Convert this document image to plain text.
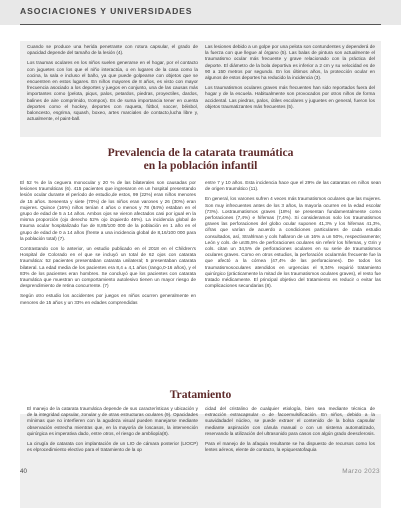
ASOCIACIONES Y UNIVERSIDADES

Cuando se produce una herida penetrante con rotura capsular, el grado de opacidad depende del tamaño de la lesión (4).

Los traumas oculares en los niños suelen generarse en el hogar, por el contacto con juguetes con los que el niño interactúa, o en lugares de la casa como la cocina, la sala e incluso el baño, ya que puede golpearse con objetos que se encuentren en estos lugares. En niños mayores de 8 años, es visto con mayor frecuencia asociado a los deportes y juegos en conjunto, una de las causas más importantes como (pelota, piqus, palos, petardos, piedras, proyectiles, dardos, balines de aire comprimido, trompos). Es de suma importancia tener en cuenta deportes como el hockey, deportes con raqueta, fútbol, soccer, béisbol, baloncesto, esgrima, squash, boxeo, artes marciales de contacto,lucha libre y, actualmente, el paint-ball.

Las lesiones debido a un golpe por una pelota son contundentes y dependerá de la fuerza con que llegue al órgano (5). Las balas de pintura son actualmente el traumatismo ocular más frecuente y grave relacionado con la práctica del deporte. El diámetro de la bola deportiva es inferior a 2 cm y su velocidad es de 90 a 150 metros por segundo. En los últimos años, la protección ocular en algunos de estos deportes ha reducido la incidencia (3).

Los traumatismos oculares graves más frecuentes han sido reportados fuera del hogar y de la escuela. Habitualmente son provocados por otros niños de forma accidental. Las piedras, palos, útiles escolares y juguetes en general, fueron los objetos traumatizantes más frecuentes (5).

Prevalencia de la catarata traumática
en la población infantil

El 52 % de la ceguera monocular y 20 % de las bilaterales son causadas por lesiones traumáticas (6). 415 pacientes que ingresaron en un hospital presentando lesión ocular durante el período de estudio,de estos, 99 (22%) eran niños menores de 15 años. Seseenta y siete (70%) de los niños eran varones y 26 (30%) eran mujeres. Quince (16%) niños tenían 4 años o menos y 78 (84%) estaban en el grupo de edad de 5 a 14 años. Ambos ojos se vieron afectados casi por igual en la misma proporción (ojo derecho 52% ojo izquierdo 46%). La incidencia global de trauma ocular hospitalizado fue de 8,85/100 000 de la población en 1 año en el grupo de edad de 0 a 14 años (frente a una incidencia global de 8,16/100 000 para la población total) (7).

Contrastando con lo anterior, un estudio publicado en el 2018 en el Children's Hospital de Colorado en el que se incluyó un total de 62 ojos con catarata traumática: 52 pacientes presentaban catarata unilateral; 5 presentaban catarata bilateral. La edad media de los pacientes era 8,4 ± 4,1 años (rango,0-16 años), y el 83% de los pacientes eran hombres. Se concluyó que los pacientes con catarata traumática que muestran un comportamiento autolesivo tienen un mayor riesgo de desprendimiento de retina concurrente. (7)

Según otro estudio los accidentes por juegos en niños ocurren generalmente en menores de 15 años y un 33% en edades comprendidas

entre 7 y 10 años. Esta incidencia hace que el 29% de las cataratas en niños sean de origen traumático (11).

En general, los varones sufren 4 veces más traumatismos oculares que las mujeres. Son muy infrecuentes antes de los 3 años, la mayoría ocurren en la edad escolar (73%). Lostraumatismos graves (18%) se presentan fundamentalmente como perforaciones (7,4%) e hifemas (7,4%). Si consideramos solo los traumatismos graves las perforaciones del globo ocular suponen 41,3% y los hifemas 41,3%, cifras que varían de acuerdo a condiciones particulares de cada estudio consultados, así, Strahlman y cols hallaron de un 16% a un 50%, respectivamente; León y cols. de un35,5% de perforaciones oculares sin referir los hifemas, y Grin y cols. citan un 34,5% de perforaciones oculares en su serie de traumatismos oculares graves. Como en otros estudios, la perforación ocularmás frecuente fue la que afectó a la córnea (47,4% de las perforaciones). De todos los traumatismosoculares atendidos en urgencias el 9,34% requirió tratamiento quirúrgico (prácticamente la mitad de los traumatismos oculares graves), el resto fue tratado médicamente. El principal objetivo del tratamiento es reducir o evitar las complicaciones secundarias (8).

Tratamiento

El manejo de la catarata traumática depende de sus características y ubicación y de la integridad capsular, zonular y de otras estructuras oculares (9). Opacidades mínimas que no interfieren con la agudeza visual pueden manejarse mediante observación estrecha mientras que, en la mayoría de loscasos, la intervención quirúrgica es imperativa dado, entre otros, el riesgo de ambliopía(8).

La cirugía de catarata con implantación de un LIO de cámara posterior (LIOCP) es elprocedimiento electivo para el tratamiento de la op

cidad del cristalino de cualquier etiología, bien sea mediante técnica de extracción extracapsular o de facoemulsificación. En niños, debido a la suavidadadel núcleo, se puede extraer el contenido de la bolsa capsular mediante aspiración con cánula manual o con un sistema automatizado, reservando la utilización del ultrasonido para casos con algún grado deesclerosis.

Para el manejo de la afaquia resultante se ha dispuesto de recursos como los lentes aéreos, elente de contacto, la epiqueratofaquia

40	Marzo 2023
